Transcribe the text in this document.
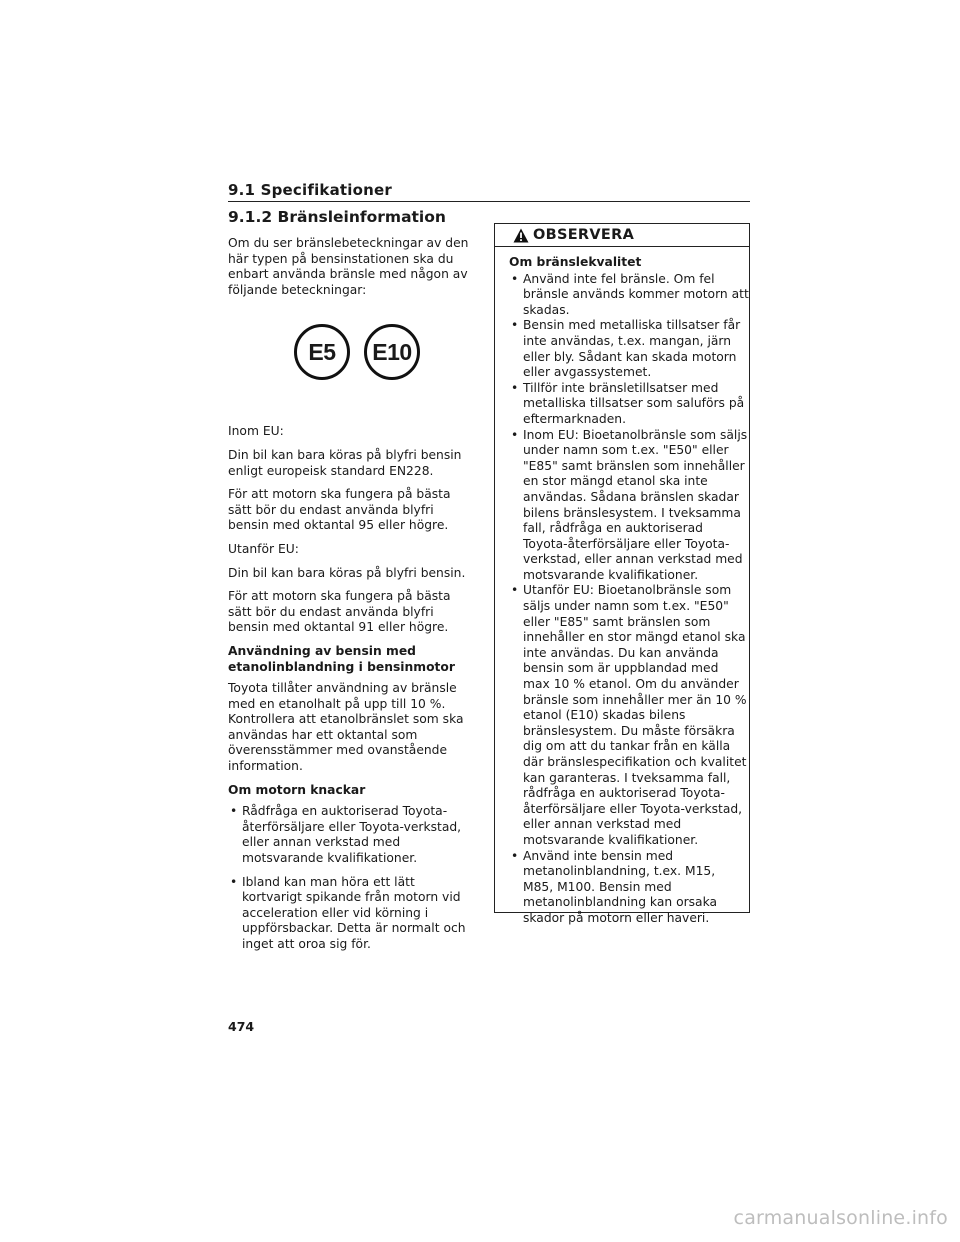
9.1 Specifikationer
9.1.2 Bränsleinformation

Om du ser bränslebeteckningar av den här typen på bensinstationen ska du enbart använda bränsle med någon av följande beteckningar:

E5	E10

Inom EU:

Din bil kan bara köras på blyfri bensin enligt europeisk standard EN228.

För att motorn ska fungera på bästa sätt bör du endast använda blyfri bensin med oktantal 95 eller högre.

Utanför EU:

Din bil kan bara köras på blyfri bensin.

För att motorn ska fungera på bästa sätt bör du endast använda blyfri bensin med oktantal 91 eller högre.

Användning av bensin med etanolinblandning i bensinmotor

Toyota tillåter användning av bränsle med en etanolhalt på upp till 10 %. Kontrollera att etanolbränslet som ska användas har ett oktantal som överensstämmer med ovanstående information.

Om motorn knackar

• Rådfråga en auktoriserad Toyota-återförsäljare eller Toyota-verkstad, eller annan verkstad med motsvarande kvalifikationer.
• Ibland kan man höra ett lätt kortvarigt spikande från motorn vid acceleration eller vid körning i uppförsbackar. Detta är normalt och inget att oroa sig för.
OBSERVERA

Om bränslekvalitet

• Använd inte fel bränsle. Om fel bränsle används kommer motorn att skadas.
• Bensin med metalliska tillsatser får inte användas, t.ex. mangan, järn eller bly. Sådant kan skada motorn eller avgassystemet.
• Tillför inte bränsletillsatser med metalliska tillsatser som saluförs på eftermarknaden.
• Inom EU: Bioetanolbränsle som säljs under namn som t.ex. "E50" eller "E85" samt bränslen som innehåller en stor mängd etanol ska inte användas. Sådana bränslen skadar bilens bränslesystem. I tveksamma fall, rådfråga en auktoriserad Toyota-återförsäljare eller Toyota-verkstad, eller annan verkstad med motsvarande kvalifikationer.
• Utanför EU: Bioetanolbränsle som säljs under namn som t.ex. "E50" eller "E85" samt bränslen som innehåller en stor mängd etanol ska inte användas. Du kan använda bensin som är uppblandad med max 10 % etanol. Om du använder bränsle som innehåller mer än 10 % etanol (E10) skadas bilens bränslesystem. Du måste försäkra dig om att du tankar från en källa där bränslespecifikation och kvalitet kan garanteras. I tveksamma fall, rådfråga en auktoriserad Toyota-återförsäljare eller Toyota-verkstad, eller annan verkstad med motsvarande kvalifikationer.
• Använd inte bensin med metanolinblandning, t.ex. M15, M85, M100. Bensin med metanolinblandning kan orsaka skador på motorn eller haveri.
474
carmanualsonline.info
